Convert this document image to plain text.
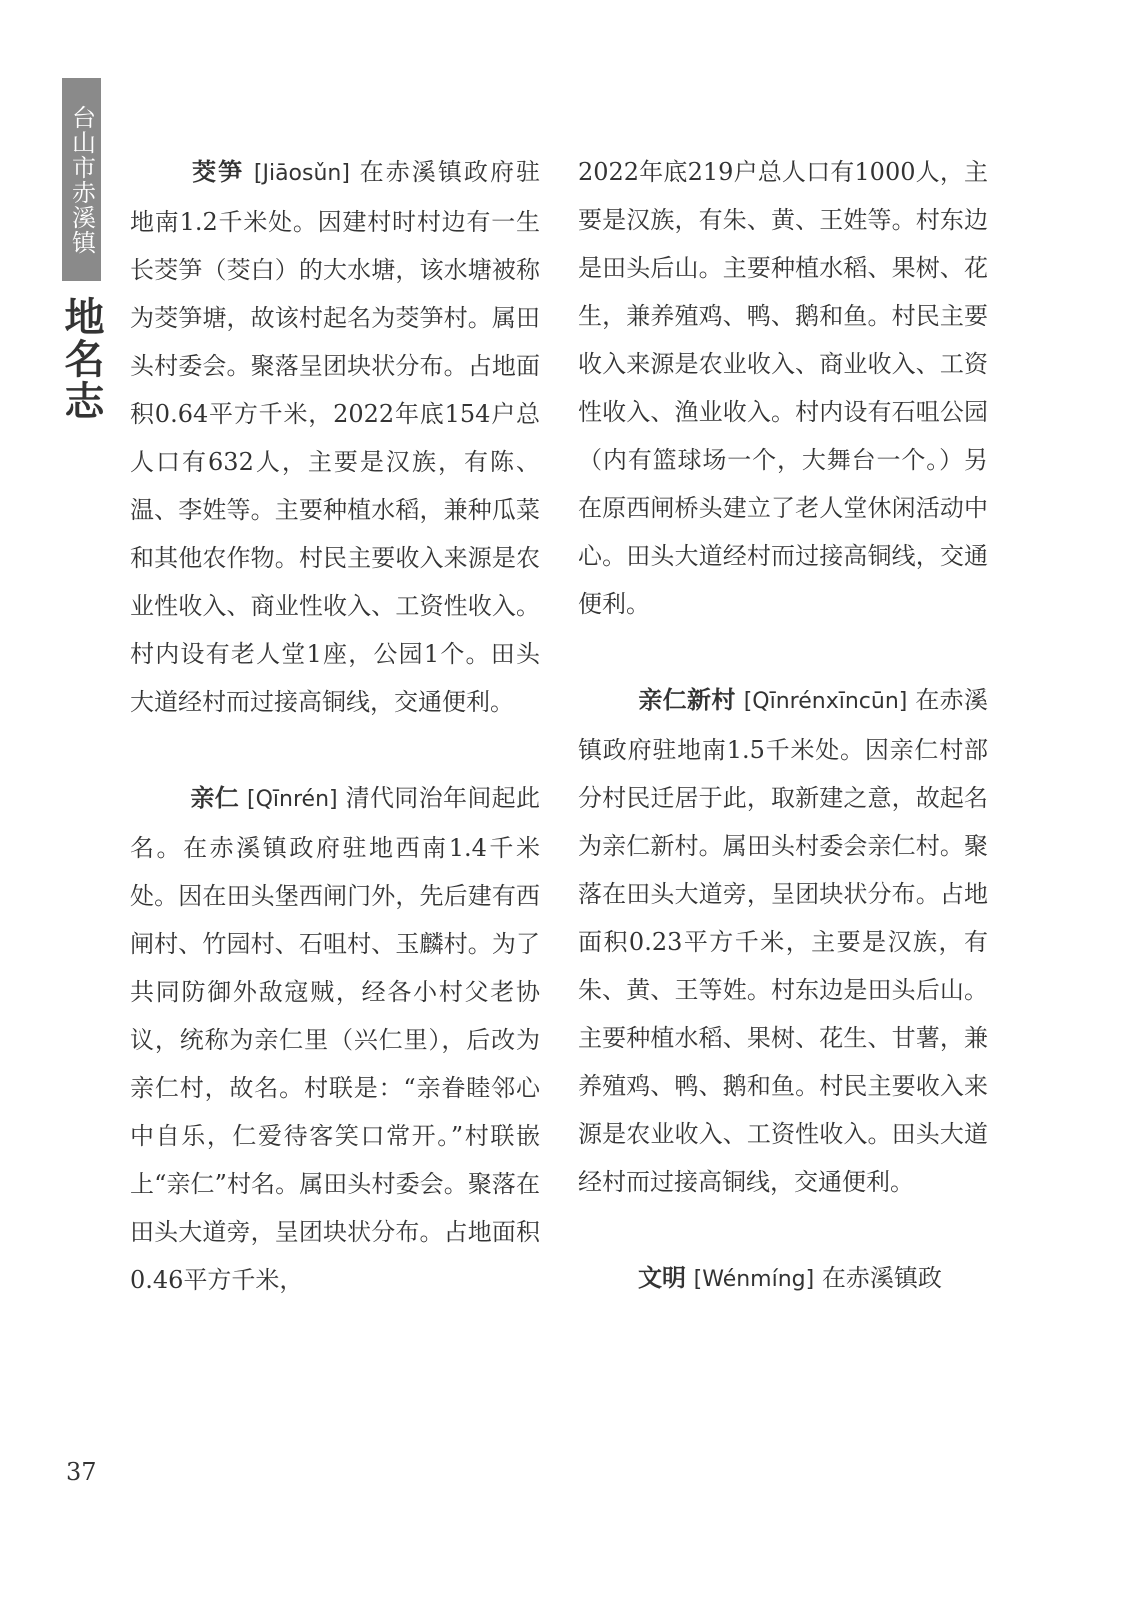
台山市赤溪镇
地名志

茭笋 [Jiāosǔn] 在赤溪镇政府驻地南1.2千米处。因建村时村边有一生长茭笋（茭白）的大水塘，该水塘被称为茭笋塘，故该村起名为茭笋村。属田头村委会。聚落呈团块状分布。占地面积0.64平方千米，2022年底154户总人口有632人，主要是汉族，有陈、温、李姓等。主要种植水稻，兼种瓜菜和其他农作物。村民主要收入来源是农业性收入、商业性收入、工资性收入。村内设有老人堂1座，公园1个。田头大道经村而过接高铜线，交通便利。

亲仁 [Qīnrén] 清代同治年间起此名。在赤溪镇政府驻地西南1.4千米处。因在田头堡西闸门外，先后建有西闸村、竹园村、石咀村、玉麟村。为了共同防御外敌寇贼，经各小村父老协议，统称为亲仁里（兴仁里），后改为亲仁村，故名。村联是：“亲眷睦邻心中自乐，仁爱待客笑口常开。”村联嵌上“亲仁”村名。属田头村委会。聚落在田头大道旁，呈团块状分布。占地面积0.46平方千米，

2022年底219户总人口有1000人，主要是汉族，有朱、黄、王姓等。村东边是田头后山。主要种植水稻、果树、花生，兼养殖鸡、鸭、鹅和鱼。村民主要收入来源是农业收入、商业收入、工资性收入、渔业收入。村内设有石咀公园（内有篮球场一个，大舞台一个。）另在原西闸桥头建立了老人堂休闲活动中心。田头大道经村而过接高铜线，交通便利。

亲仁新村 [Qīnrénxīncūn] 在赤溪镇政府驻地南1.5千米处。因亲仁村部分村民迁居于此，取新建之意，故起名为亲仁新村。属田头村委会亲仁村。聚落在田头大道旁，呈团块状分布。占地面积0.23平方千米，主要是汉族，有朱、黄、王等姓。村东边是田头后山。主要种植水稻、果树、花生、甘薯，兼养殖鸡、鸭、鹅和鱼。村民主要收入来源是农业收入、工资性收入。田头大道经村而过接高铜线，交通便利。

文明 [Wénmíng] 在赤溪镇政

37
